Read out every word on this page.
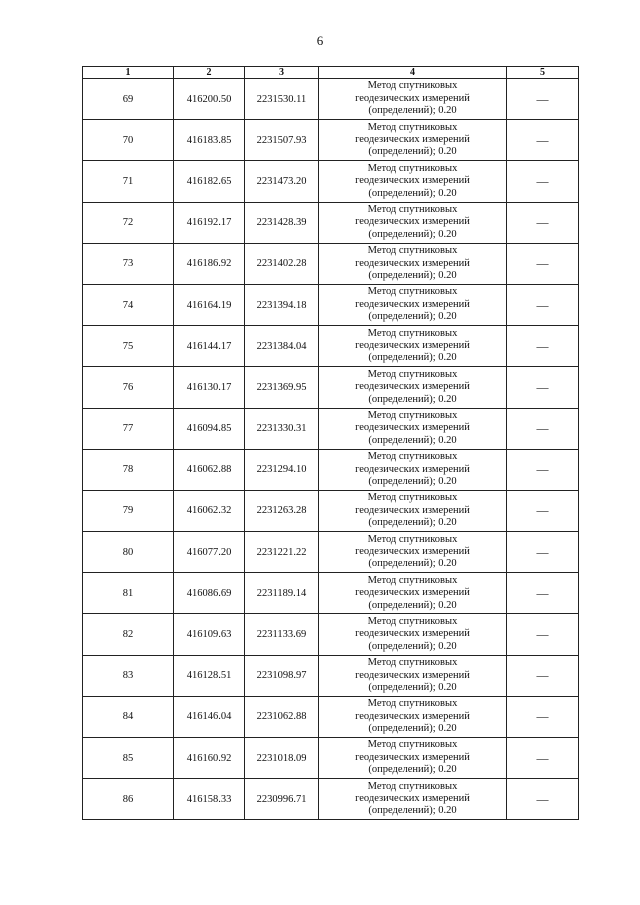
6
1	2	3	4	5
69	416200.50	2231530.11	Метод спутниковых
геодезических измерений
(определений); 0.20	—
70	416183.85	2231507.93	Метод спутниковых
геодезических измерений
(определений); 0.20	—
71	416182.65	2231473.20	Метод спутниковых
геодезических измерений
(определений); 0.20	—
72	416192.17	2231428.39	Метод спутниковых
геодезических измерений
(определений); 0.20	—
73	416186.92	2231402.28	Метод спутниковых
геодезических измерений
(определений); 0.20	—
74	416164.19	2231394.18	Метод спутниковых
геодезических измерений
(определений); 0.20	—
75	416144.17	2231384.04	Метод спутниковых
геодезических измерений
(определений); 0.20	—
76	416130.17	2231369.95	Метод спутниковых
геодезических измерений
(определений); 0.20	—
77	416094.85	2231330.31	Метод спутниковых
геодезических измерений
(определений); 0.20	—
78	416062.88	2231294.10	Метод спутниковых
геодезических измерений
(определений); 0.20	—
79	416062.32	2231263.28	Метод спутниковых
геодезических измерений
(определений); 0.20	—
80	416077.20	2231221.22	Метод спутниковых
геодезических измерений
(определений); 0.20	—
81	416086.69	2231189.14	Метод спутниковых
геодезических измерений
(определений); 0.20	—
82	416109.63	2231133.69	Метод спутниковых
геодезических измерений
(определений); 0.20	—
83	416128.51	2231098.97	Метод спутниковых
геодезических измерений
(определений); 0.20	—
84	416146.04	2231062.88	Метод спутниковых
геодезических измерений
(определений); 0.20	—
85	416160.92	2231018.09	Метод спутниковых
геодезических измерений
(определений); 0.20	—
86	416158.33	2230996.71	Метод спутниковых
геодезических измерений
(определений); 0.20	—
